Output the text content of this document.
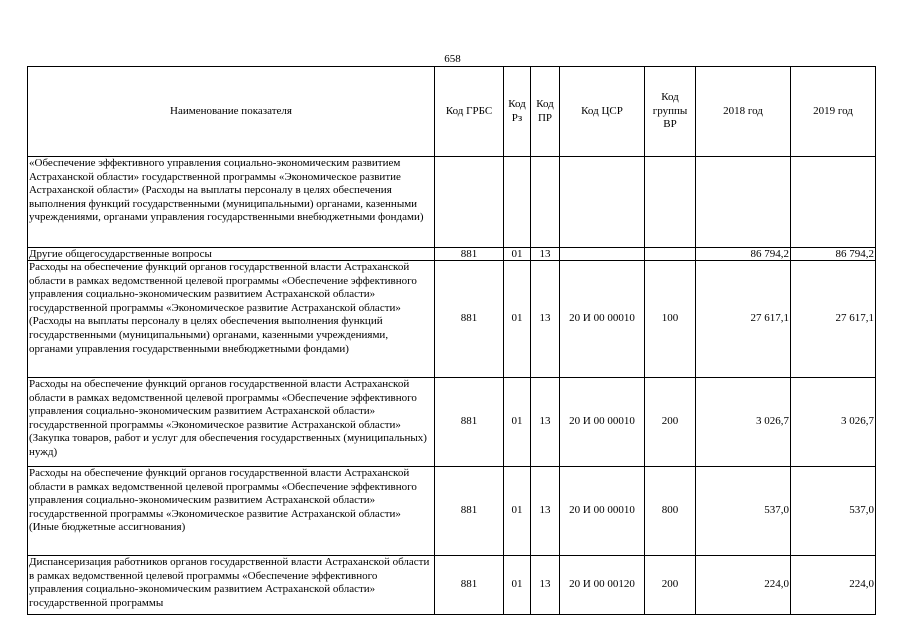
658
Наименование показателя	Код ГРБС	Код Рз	Код ПР	Код ЦСР	Код группы ВР	2018 год	2019 год
«Обеспечение эффективного управления социально-экономическим развитием Астраханской области» государственной программы «Экономическое развитие Астраханской области» (Расходы на выплаты персоналу в целях обеспечения выполнения функций государственными (муниципальными) органами, казенными учреждениями, органами управления государственными внебюджетными фондами)							
Другие общегосударственные вопросы	881	01	13			86 794,2	86 794,2
Расходы на обеспечение функций органов государственной власти Астраханской области в рамках ведомственной целевой программы «Обеспечение эффективного управления социально-экономическим развитием Астраханской области» государственной программы «Экономическое развитие Астраханской области» (Расходы на выплаты персоналу в целях обеспечения выполнения функций государственными (муниципальными) органами, казенными учреждениями, органами управления государственными внебюджетными фондами)	881	01	13	20 И 00 00010	100	27 617,1	27 617,1
Расходы на обеспечение функций органов государственной власти Астраханской области в рамках ведомственной целевой программы «Обеспечение эффективного управления социально-экономическим развитием Астраханской области» государственной программы «Экономическое развитие Астраханской области» (Закупка товаров, работ и услуг для обеспечения государственных (муниципальных) нужд)	881	01	13	20 И 00 00010	200	3 026,7	3 026,7
Расходы на обеспечение функций органов государственной власти Астраханской области в рамках ведомственной целевой программы «Обеспечение эффективного управления социально-экономическим развитием Астраханской области» государственной программы «Экономическое развитие Астраханской области» (Иные бюджетные ассигнования)	881	01	13	20 И 00 00010	800	537,0	537,0
Диспансеризация работников органов государственной власти Астраханской области в рамках ведомственной целевой программы «Обеспечение эффективного управления социально-экономическим развитием Астраханской области» государственной программы	881	01	13	20 И 00 00120	200	224,0	224,0
